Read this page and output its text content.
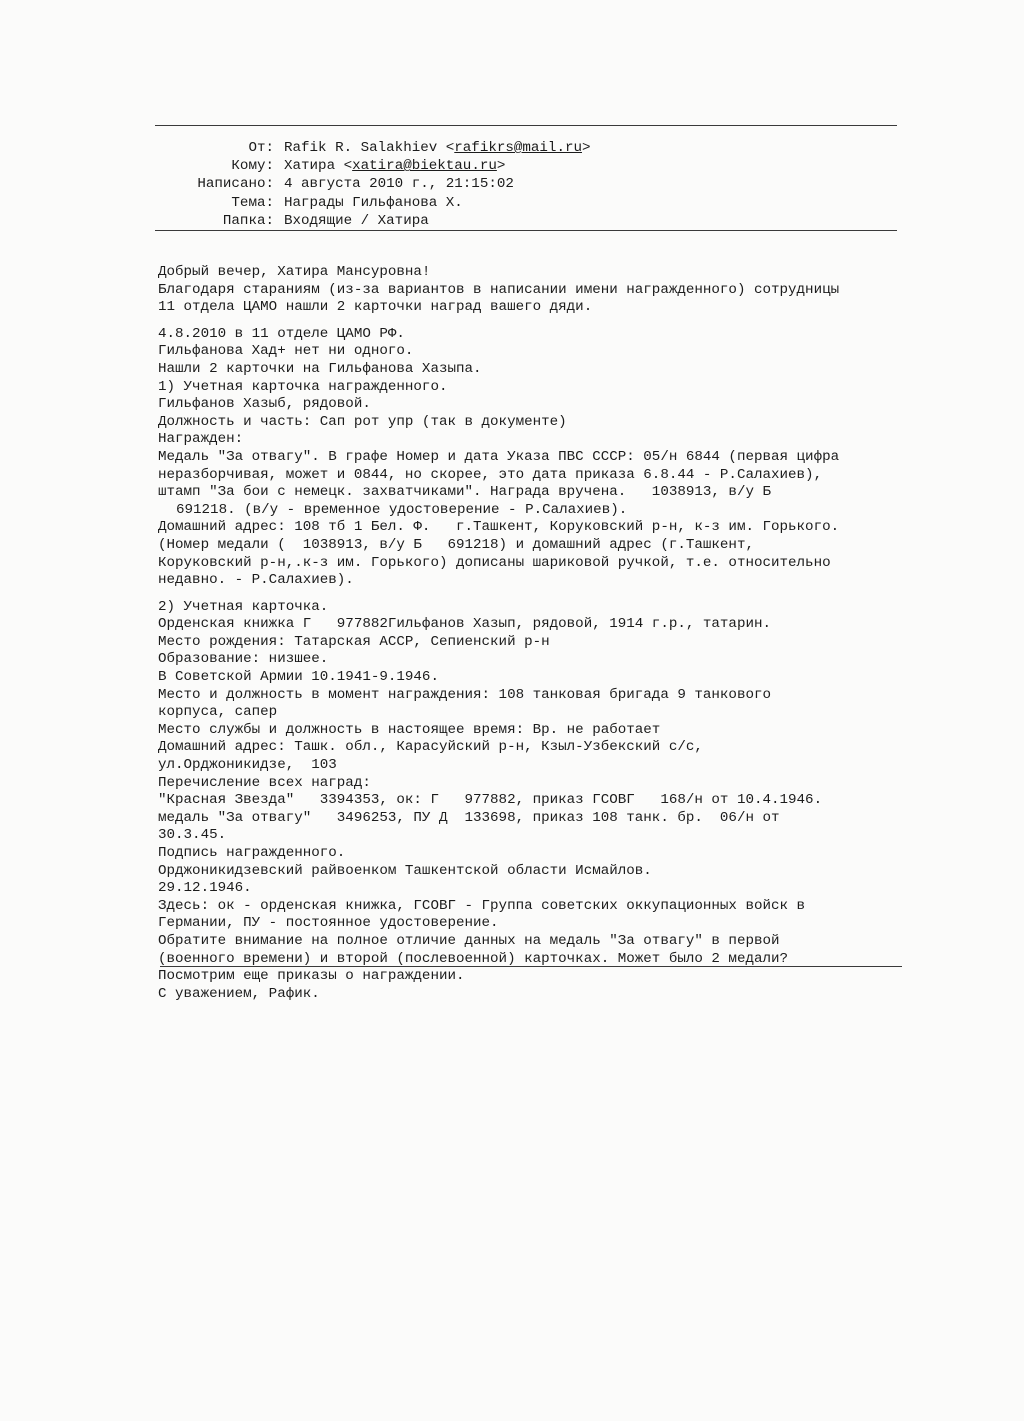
От: Rafik R. Salakhiev <rafikrs@mail.ru>
Кому: Хатира <xatira@biektau.ru>
Написано: 4 августа 2010 г., 21:15:02
Тема: Награды Гильфанова Х.
Папка: Входящие / Хатира
Добрый вечер, Хатира Мансуровна!
Благодаря стараниям (из-за вариантов в написании имени награжденного) сотрудницы
11 отдела ЦАМО нашли 2 карточки наград вашего дяди.
4.8.2010 в 11 отделе ЦАМО РФ.
Гильфанова Хад+ нет ни одного.
Нашли 2 карточки на Гильфанова Хазыпа.
1) Учетная карточка награжденного.
Гильфанов Хазыб, рядовой.
Должность и часть: Сап рот упр (так в документе)
Награжден:
Медаль "За отвагу". В графе Номер и дата Указа ПВС СССР: 05/н 6844 (первая цифра
неразборчивая, может и 0844, но скорее, это дата приказа 6.8.44 - Р.Салахиев),
штамп "За бои с немецк. захватчиками". Награда вручена.   1038913, в/у Б
691218. (в/у - временное удостоверение - Р.Салахиев).
Домашний адрес: 108 тб 1 Бел. Ф.   г.Ташкент, Коруковский р-н, к-з им. Горького.
(Номер медали (  1038913, в/у Б   691218) и домашний адрес (г.Ташкент,
Коруковский р-н,.к-з им. Горького) дописаны шариковой ручкой, т.е. относительно
недавно. - Р.Салахиев).
2) Учетная карточка.
Орденская книжка Г   977882Гильфанов Хазып, рядовой, 1914 г.р., татарин.
Место рождения: Татарская АССР, Сепиенский р-н
Образование: низшее.
В Советской Армии 10.1941-9.1946.
Место и должность в момент награждения: 108 танковая бригада 9 танкового
корпуса, сапер
Место службы и должность в настоящее время: Вр. не работает
Домашний адрес: Ташк. обл., Карасуйский р-н, Кзыл-Узбекский с/с,
ул.Орджоникидзе,  103
Перечисление всех наград:
"Красная Звезда"   3394353, ок: Г   977882, приказ ГСОВГ   168/н от 10.4.1946.
медаль "За отвагу"   3496253, ПУ Д  133698, приказ 108 танк. бр.  06/н от
30.3.45.
Подпись награжденного.
Орджоникидзевский райвоенком Ташкентской области Исмайлов.
29.12.1946.
Здесь: ок - орденская книжка, ГСОВГ - Группа советских оккупационных войск в
Германии, ПУ - постоянное удостоверение.
Обратите внимание на полное отличие данных на медаль "За отвагу" в первой
(военного времени) и второй (послевоенной) карточках. Может было 2 медали?
Посмотрим еще приказы о награждении.
С уважением, Рафик.
